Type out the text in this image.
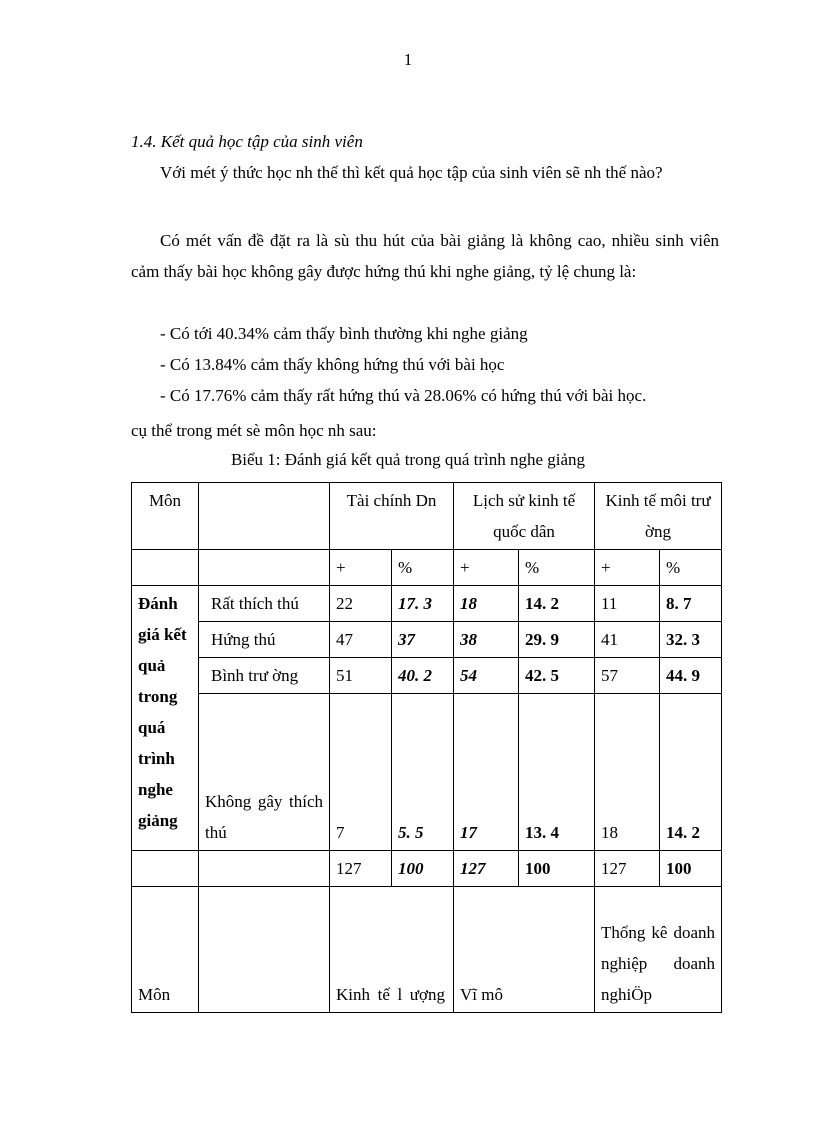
1
1.4. Kết quả học tập của sinh viên
Với mét ý thức học nh thế thì kết quả học tập của sinh viên sẽ nh thế nào?
Có mét vấn đề đặt ra là sù thu hút của bài giảng là không cao, nhiều sinh viên cảm thấy bài học không gây được hứng thú khi nghe giảng, tỷ lệ chung là:
- Có tới 40.34% cảm thấy bình thường khi nghe giảng
- Có 13.84% cảm thấy không hứng thú với bài học
- Có 17.76% cảm thấy rất hứng thú và 28.06% có hứng thú với bài học.
cụ thể trong mét sè môn học nh sau:
Biểu 1: Đánh giá kết quả trong quá trình nghe giảng
Môn		Tài chính Dn		Lịch sử kinh tế quốc dân		Kinh tế môi trư ờng	
		+	%	+	%	+	%
Đánh giá kết quả trong quá trình nghe giảng	Rất thích thú	22	17. 3	18	14. 2	11	8. 7
	Hứng thú	47	37	38	29. 9	41	32. 3
	Bình trư ờng	51	40. 2	54	42. 5	57	44. 9
	Không gây thích thú	7	5. 5	17	13. 4	18	14. 2
		127	100	127	100	127	100
Môn		Kinh tế l ượng		Vĩ mô		Thống kê doanh nghiệp doanh nghiÖp	
